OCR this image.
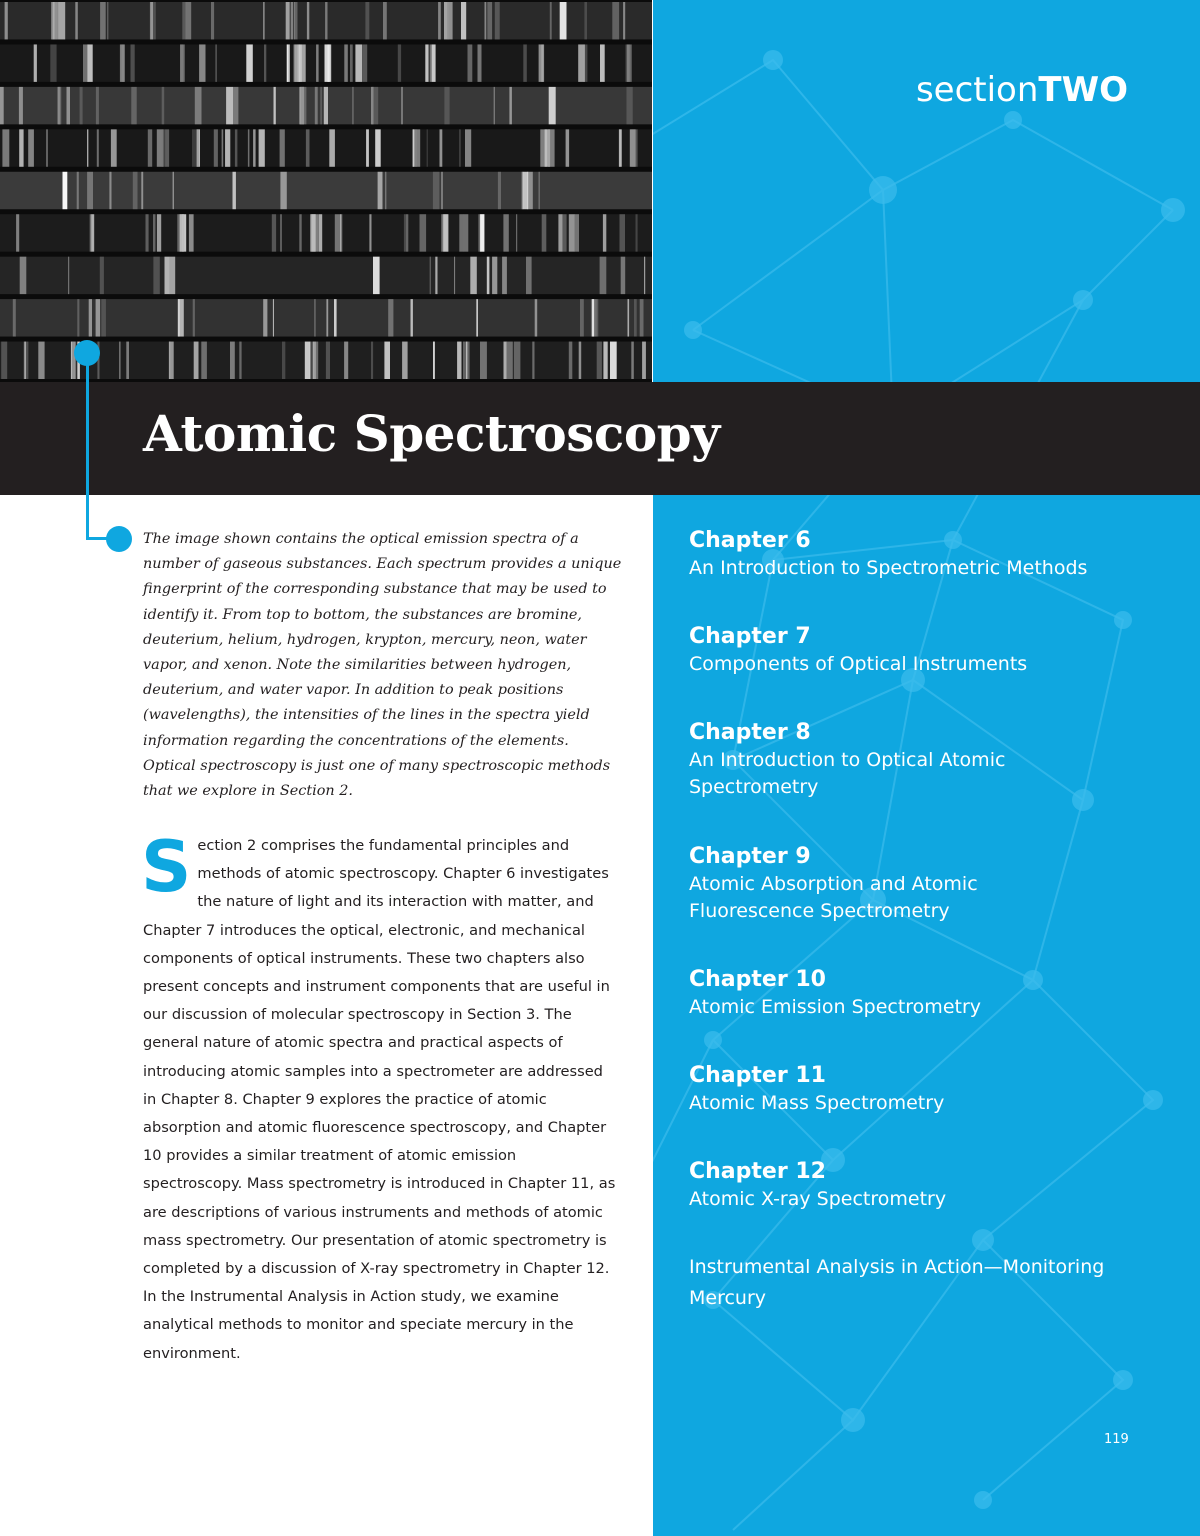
sectionTWO
Atomic Spectroscopy

The image shown contains the optical emission spectra of a number of gaseous substances. Each spectrum provides a unique fingerprint of the corresponding substance that may be used to identify it. From top to bottom, the substances are bromine, deuterium, helium, hydrogen, krypton, mercury, neon, water vapor, and xenon. Note the similarities between hydrogen, deuterium, and water vapor. In addition to peak positions (wavelengths), the intensities of the lines in the spectra yield information regarding the concentrations of the elements. Optical spectroscopy is just one of many spectroscopic methods that we explore in Section 2.

Section 2 comprises the fundamental principles and methods of atomic spectroscopy. Chapter 6 investigates the nature of light and its interaction with matter, and Chapter 7 introduces the optical, electronic, and mechanical components of optical instruments. These two chapters also present concepts and instrument components that are useful in our discussion of molecular spectroscopy in Section 3. The general nature of atomic spectra and practical aspects of introducing atomic samples into a spectrometer are addressed in Chapter 8. Chapter 9 explores the practice of atomic absorption and atomic fluorescence spectroscopy, and Chapter 10 provides a similar treatment of atomic emission spectroscopy. Mass spectrometry is introduced in Chapter 11, as are descriptions of various instruments and methods of atomic mass spectrometry. Our presentation of atomic spectrometry is completed by a discussion of X-ray spectrometry in Chapter 12. In the Instrumental Analysis in Action study, we examine analytical methods to monitor and speciate mercury in the environment.

Chapter 6
An Introduction to Spectrometric Methods
Chapter 7
Components of Optical Instruments
Chapter 8
An Introduction to Optical Atomic Spectrometry
Chapter 9
Atomic Absorption and Atomic Fluorescence Spectrometry
Chapter 10
Atomic Emission Spectrometry
Chapter 11
Atomic Mass Spectrometry
Chapter 12
Atomic X-ray Spectrometry
Instrumental Analysis in Action—Monitoring Mercury
119
